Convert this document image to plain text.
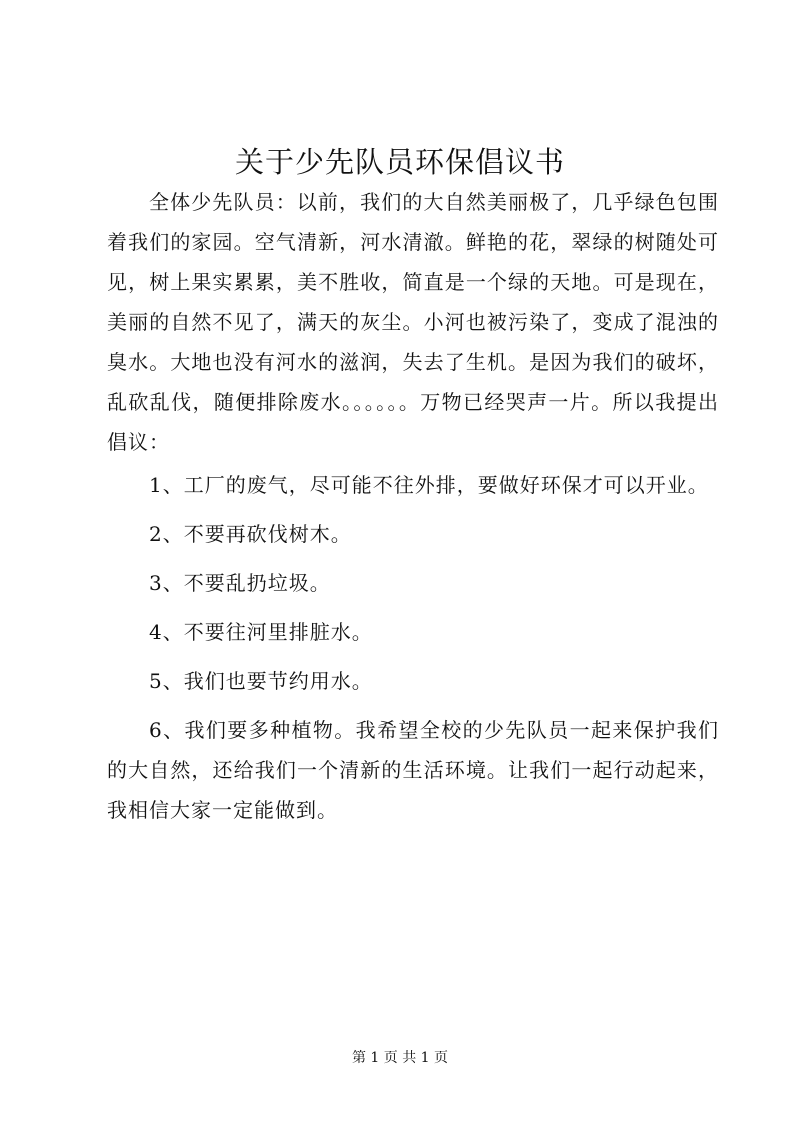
关于少先队员环保倡议书

全体少先队员：以前，我们的大自然美丽极了，几乎绿色包围着我们的家园。空气清新，河水清澈。鲜艳的花，翠绿的树随处可见，树上果实累累，美不胜收，简直是一个绿的天地。可是现在，美丽的自然不见了，满天的灰尘。小河也被污染了，变成了混浊的臭水。大地也没有河水的滋润，失去了生机。是因为我们的破坏，乱砍乱伐，随便排除废水。。。。。。万物已经哭声一片。所以我提出倡议：

1、工厂的废气，尽可能不往外排，要做好环保才可以开业。

2、不要再砍伐树木。

3、不要乱扔垃圾。

4、不要往河里排脏水。

5、我们也要节约用水。

6、我们要多种植物。我希望全校的少先队员一起来保护我们的大自然，还给我们一个清新的生活环境。让我们一起行动起来，我相信大家一定能做到。

第 1 页 共 1 页
